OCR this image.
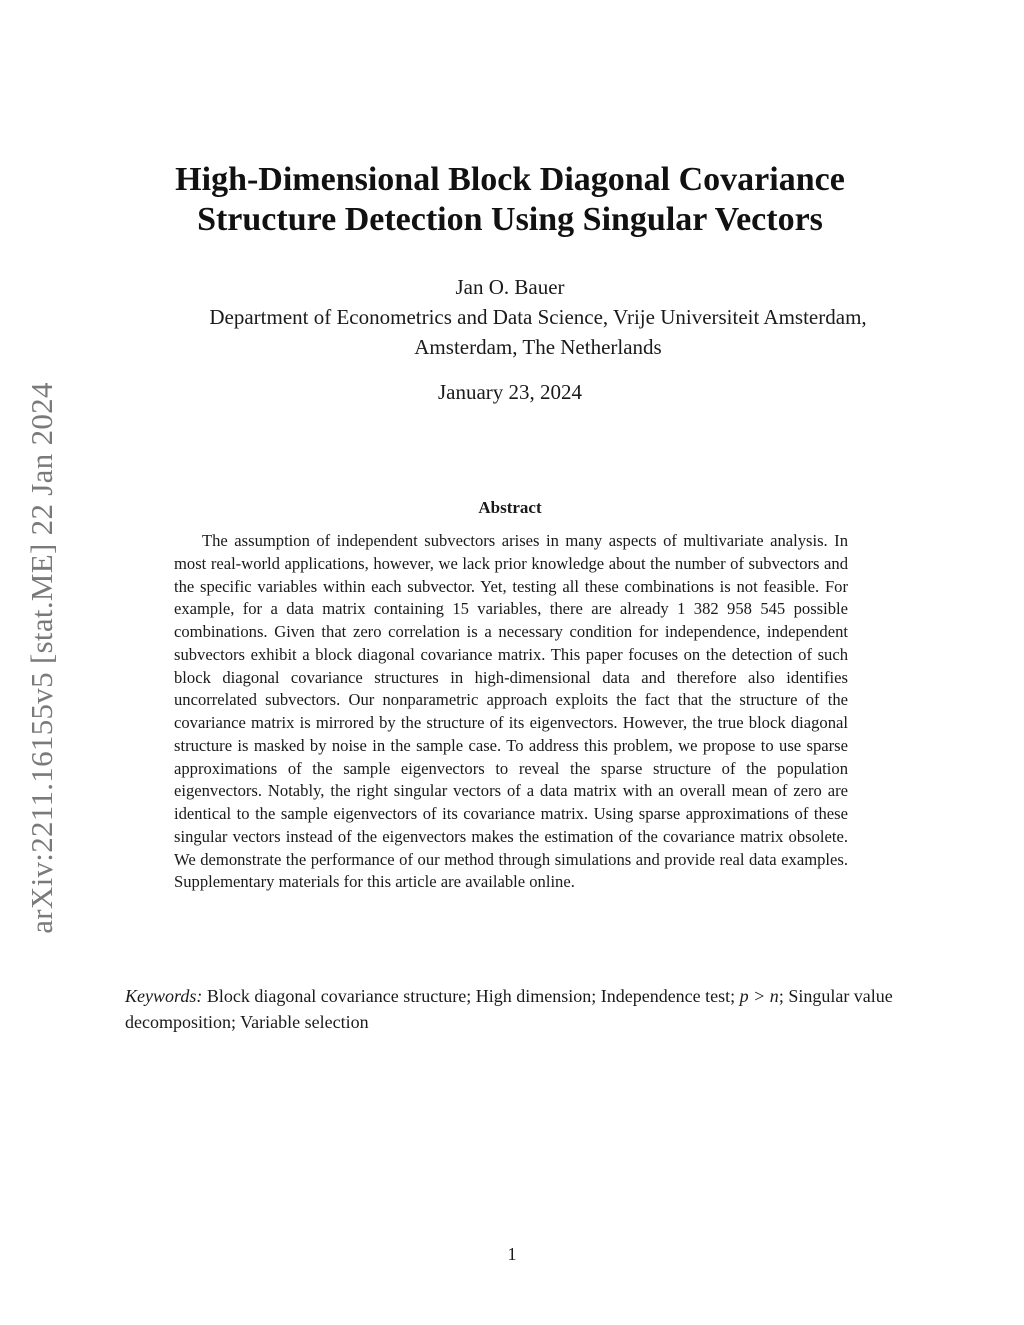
arXiv:2211.16155v5 [stat.ME] 22 Jan 2024
High-Dimensional Block Diagonal Covariance
Structure Detection Using Singular Vectors
Jan O. Bauer
Department of Econometrics and Data Science, Vrije Universiteit Amsterdam,
Amsterdam, The Netherlands
January 23, 2024
Abstract

The assumption of independent subvectors arises in many aspects of multivariate analysis. In most real-world applications, however, we lack prior knowledge about the number of subvectors and the specific variables within each subvector. Yet, testing all these combinations is not feasible. For example, for a data matrix containing 15 variables, there are already 1 382 958 545 possible combinations. Given that zero correlation is a necessary condition for independence, independent subvectors exhibit a block diagonal covariance matrix. This paper focuses on the detection of such block diagonal covariance structures in high-dimensional data and therefore also identifies uncorrelated subvectors. Our nonparametric approach exploits the fact that the structure of the covariance matrix is mirrored by the structure of its eigenvectors. However, the true block diagonal structure is masked by noise in the sample case. To address this problem, we propose to use sparse approximations of the sample eigenvectors to reveal the sparse structure of the population eigenvectors. Notably, the right singular vectors of a data matrix with an overall mean of zero are identical to the sample eigenvectors of its covariance matrix. Using sparse approximations of these singular vectors instead of the eigenvectors makes the estimation of the covariance matrix obsolete. We demonstrate the performance of our method through simulations and provide real data examples. Supplementary materials for this article are available online.

Keywords: Block diagonal covariance structure; High dimension; Independence test; p > n; Singular value decomposition; Variable selection

1
